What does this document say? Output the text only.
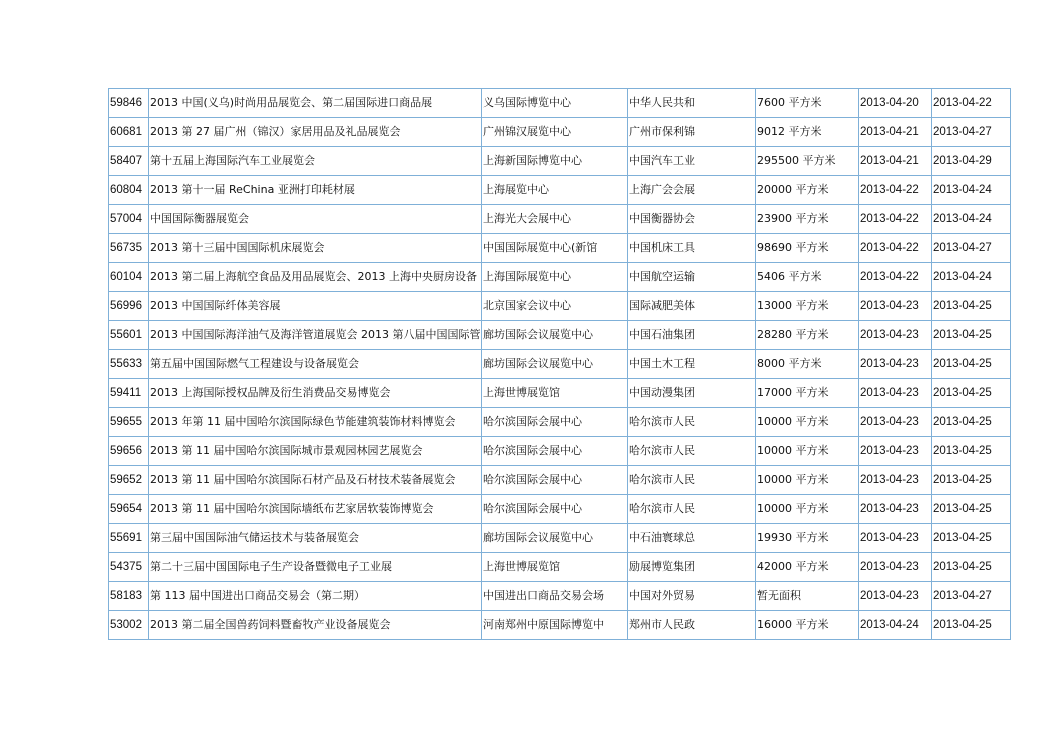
59846	2013 中国(义乌)时尚用品展览会、第二届国际进口商品展	义乌国际博览中心	中华人民共和	7600 平方米	2013-04-20	2013-04-22
60681	2013 第 27 届广州（锦汉）家居用品及礼品展览会	广州锦汉展览中心	广州市保利锦	9012 平方米	2013-04-21	2013-04-27
58407	第十五届上海国际汽车工业展览会	上海新国际博览中心	中国汽车工业	295500 平方米	2013-04-21	2013-04-29
60804	2013 第十一届 ReChina 亚洲打印耗材展	上海展览中心	上海广会会展	20000 平方米	2013-04-22	2013-04-24
57004	中国国际衡器展览会	上海光大会展中心	中国衡器协会	23900 平方米	2013-04-22	2013-04-24
56735	2013 第十三届中国国际机床展览会	中国国际展览中心(新馆	中国机床工具	98690 平方米	2013-04-22	2013-04-27
60104	2013 第二届上海航空食品及用品展览会、2013 上海中央厨房设备	上海国际展览中心	中国航空运输	5406 平方米	2013-04-22	2013-04-24
56996	2013 中国国际纤体美容展	北京国家会议中心	国际减肥美体	13000 平方米	2013-04-23	2013-04-25
55601	2013 中国国际海洋油气及海洋管道展览会 2013 第八届中国国际管	廊坊国际会议展览中心	中国石油集团	28280 平方米	2013-04-23	2013-04-25
55633	第五届中国国际燃气工程建设与设备展览会	廊坊国际会议展览中心	中国土木工程	8000 平方米	2013-04-23	2013-04-25
59411	2013 上海国际授权品牌及衍生消费品交易博览会	上海世博展览馆	中国动漫集团	17000 平方米	2013-04-23	2013-04-25
59655	2013 年第 11 届中国哈尔滨国际绿色节能建筑装饰材料博览会	哈尔滨国际会展中心	哈尔滨市人民	10000 平方米	2013-04-23	2013-04-25
59656	2013 第 11 届中国哈尔滨国际城市景观园林园艺展览会	哈尔滨国际会展中心	哈尔滨市人民	10000 平方米	2013-04-23	2013-04-25
59652	2013 第 11 届中国哈尔滨国际石材产品及石材技术装备展览会	哈尔滨国际会展中心	哈尔滨市人民	10000 平方米	2013-04-23	2013-04-25
59654	2013 第 11 届中国哈尔滨国际墙纸布艺家居软装饰博览会	哈尔滨国际会展中心	哈尔滨市人民	10000 平方米	2013-04-23	2013-04-25
55691	第三届中国国际油气储运技术与装备展览会	廊坊国际会议展览中心	中石油寰球总	19930 平方米	2013-04-23	2013-04-25
54375	第二十三届中国国际电子生产设备暨微电子工业展	上海世博展览馆	励展博览集团	42000 平方米	2013-04-23	2013-04-25
58183	第 113 届中国进出口商品交易会（第二期）	中国进出口商品交易会场	中国对外贸易	暂无面积	2013-04-23	2013-04-27
53002	2013 第二届全国兽药饲料暨畜牧产业设备展览会	河南郑州中原国际博览中	郑州市人民政	16000 平方米	2013-04-24	2013-04-25
